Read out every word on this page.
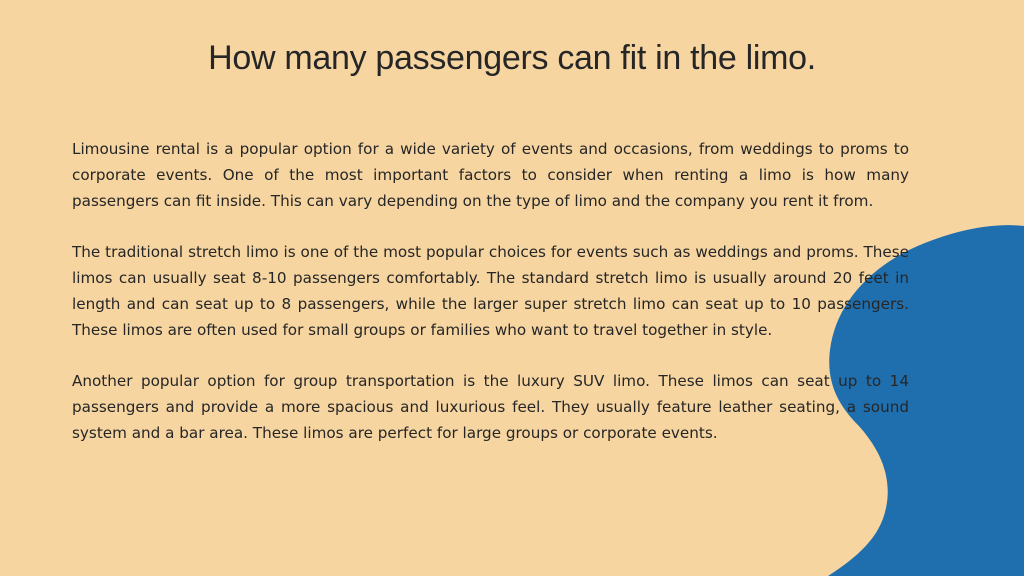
How many passengers can fit in the limo.

Limousine rental is a popular option for a wide variety of events and occasions, from weddings to proms to corporate events. One of the most important factors to consider when renting a limo is how many passengers can fit inside. This can vary depending on the type of limo and the company you rent it from.

The traditional stretch limo is one of the most popular choices for events such as weddings and proms. These limos can usually seat 8-10 passengers comfortably. The standard stretch limo is usually around 20 feet in length and can seat up to 8 passengers, while the larger super stretch limo can seat up to 10 passengers. These limos are often used for small groups or families who want to travel together in style.

Another popular option for group transportation is the luxury SUV limo. These limos can seat up to 14 passengers and provide a more spacious and luxurious feel. They usually feature leather seating, a sound system and a bar area. These limos are perfect for large groups or corporate events.
